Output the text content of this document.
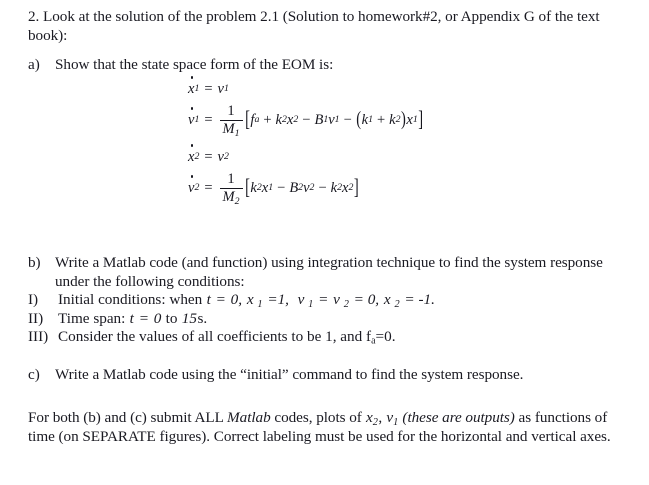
2. Look at the solution of the problem 2.1 (Solution to homework#2, or Appendix G of the text book):
a)	Show that the state space form of the EOM is:
x 1 = v 1
v $1 = \frac{1}{M_1}$ [ f a + k 2 x 2 − B 1 v 1 − ( k 1 + k 2 ) x 1 ]
x 2 = v 2
v $2 = \frac{1}{M_2}$ [ k 2 x 1 − B 2 v 2 − k 2 x 2 ]
b) Write a Matlab code (and function) using integration technique to find the system response under the following conditions:
I)	Initial conditions: when t = 0, x $_1$ =1, v $_1$ = v $_2$ = 0, x $_2$ = -1.
II) Time span: t = 0 to 15s.
III) Consider the values of all coefficients to be 1, and fa=0.
c)	Write a Matlab code using the “initial” command to find the system response.
For both (b) and (c) submit ALL Matlab codes, plots of $x_2$, $v_1$ (these are outputs) as functions of time (on SEPARATE figures). Correct labeling must be used for the horizontal and vertical axes.
